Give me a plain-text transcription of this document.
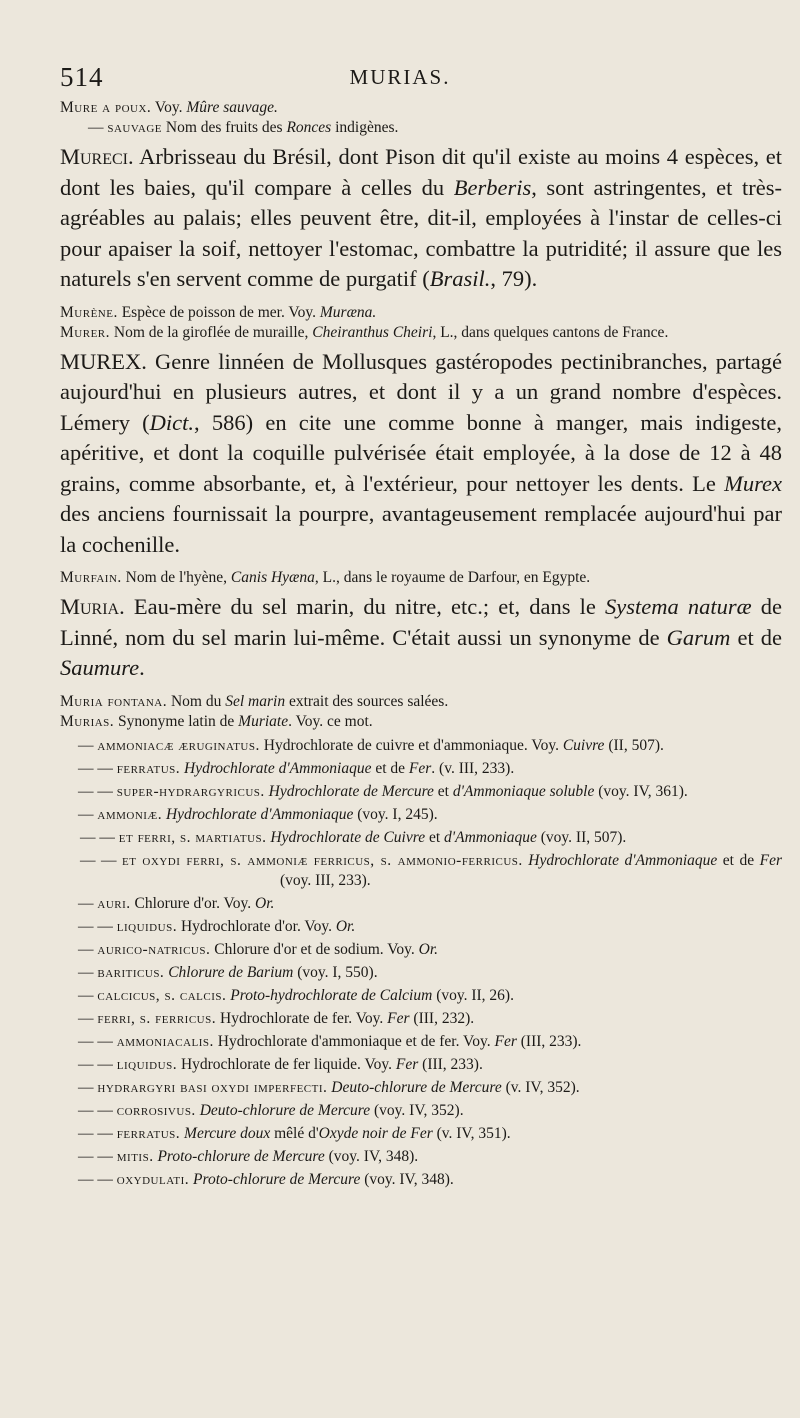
514	MURIAS.

Mure a poux. Voy. Mûre sauvage.

— sauvage Nom des fruits des Ronces indigènes.

Mureci. Arbrisseau du Brésil, dont Pison dit qu'il existe au moins 4 espèces, et dont les baies, qu'il compare à celles du Berberis, sont astringentes, et très-agréables au palais; elles peuvent être, dit-il, employées à l'instar de celles-ci pour apaiser la soif, nettoyer l'estomac, combattre la putridité; il assure que les naturels s'en servent comme de purgatif (Brasil., 79).

Murène. Espèce de poisson de mer. Voy. Muræna.

Murer. Nom de la giroflée de muraille, Cheiranthus Cheiri, L., dans quelques cantons de France.

MUREX. Genre linnéen de Mollusques gastéropodes pectinibranches, partagé aujourd'hui en plusieurs autres, et dont il y a un grand nombre d'espèces. Lémery (Dict., 586) en cite une comme bonne à manger, mais indigeste, apéritive, et dont la coquille pulvérisée était employée, à la dose de 12 à 48 grains, comme absorbante, et, à l'extérieur, pour nettoyer les dents. Le Murex des anciens fournissait la pourpre, avantageusement remplacée aujourd'hui par la cochenille.

Murfain. Nom de l'hyène, Canis Hyæna, L., dans le royaume de Darfour, en Egypte.

Muria. Eau-mère du sel marin, du nitre, etc.; et, dans le Systema naturæ de Linné, nom du sel marin lui-même. C'était aussi un synonyme de Garum et de Saumure.

Muria fontana. Nom du Sel marin extrait des sources salées.

Murias. Synonyme latin de Muriate. Voy. ce mot.

— ammoniacæ æruginatus. Hydrochlorate de cuivre et d'ammoniaque. Voy. Cuivre (II, 507).

— — ferratus. Hydrochlorate d'Ammoniaque et de Fer. (v. III, 233).

— — super-hydrargyricus. Hydrochlorate de Mercure et d'Ammoniaque soluble (voy. IV, 361).

— ammoniæ. Hydrochlorate d'Ammoniaque (voy. I, 245).

— — et ferri, s. martiatus. Hydrochlorate de Cuivre et d'Ammoniaque (voy. II, 507).

— — et oxydi ferri, s. ammoniæ ferricus, s. ammonio-ferricus. Hydrochlorate d'Ammoniaque et de Fer (voy. III, 233).

— auri. Chlorure d'or. Voy. Or.

— — liquidus. Hydrochlorate d'or. Voy. Or.

— aurico-natricus. Chlorure d'or et de sodium. Voy. Or.

— bariticus. Chlorure de Barium (voy. I, 550).

— calcicus, s. calcis. Proto-hydrochlorate de Calcium (voy. II, 26).

— ferri, s. ferricus. Hydrochlorate de fer. Voy. Fer (III, 232).

— — ammoniacalis. Hydrochlorate d'ammoniaque et de fer. Voy. Fer (III, 233).

— — liquidus. Hydrochlorate de fer liquide. Voy. Fer (III, 233).

— hydrargyri basi oxydi imperfecti. Deuto-chlorure de Mercure (v. IV, 352).

— — corrosivus. Deuto-chlorure de Mercure (voy. IV, 352).

— — ferratus. Mercure doux mêlé d'Oxyde noir de Fer (v. IV, 351).

— — mitis. Proto-chlorure de Mercure (voy. IV, 348).

— — oxydulati. Proto-chlorure de Mercure (voy. IV, 348).
